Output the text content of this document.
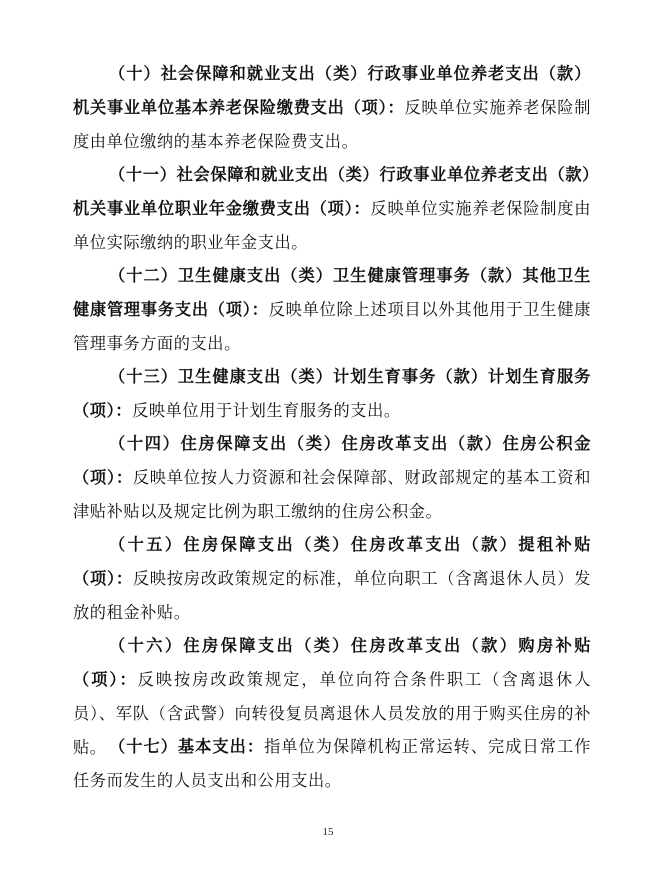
（十）社会保障和就业支出（类）行政事业单位养老支出（款）机关事业单位基本养老保险缴费支出（项）：反映单位实施养老保险制度由单位缴纳的基本养老保险费支出。

（十一）社会保障和就业支出（类）行政事业单位养老支出（款）机关事业单位职业年金缴费支出（项）：反映单位实施养老保险制度由单位实际缴纳的职业年金支出。

（十二）卫生健康支出（类）卫生健康管理事务（款）其他卫生健康管理事务支出（项）：反映单位除上述项目以外其他用于卫生健康管理事务方面的支出。

（十三）卫生健康支出（类）计划生育事务（款）计划生育服务（项）：反映单位用于计划生育服务的支出。

（十四）住房保障支出（类）住房改革支出（款）住房公积金（项）：反映单位按人力资源和社会保障部、财政部规定的基本工资和津贴补贴以及规定比例为职工缴纳的住房公积金。

（十五）住房保障支出（类）住房改革支出（款）提租补贴（项）：反映按房改政策规定的标准，单位向职工（含离退休人员）发放的租金补贴。

（十六）住房保障支出（类）住房改革支出（款）购房补贴（项）：反映按房改政策规定，单位向符合条件职工（含离退休人员）、军队（含武警）向转役复员离退休人员发放的用于购买住房的补贴。 （十七）基本支出：指单位为保障机构正常运转、完成日常工作任务而发生的人员支出和公用支出。

15
